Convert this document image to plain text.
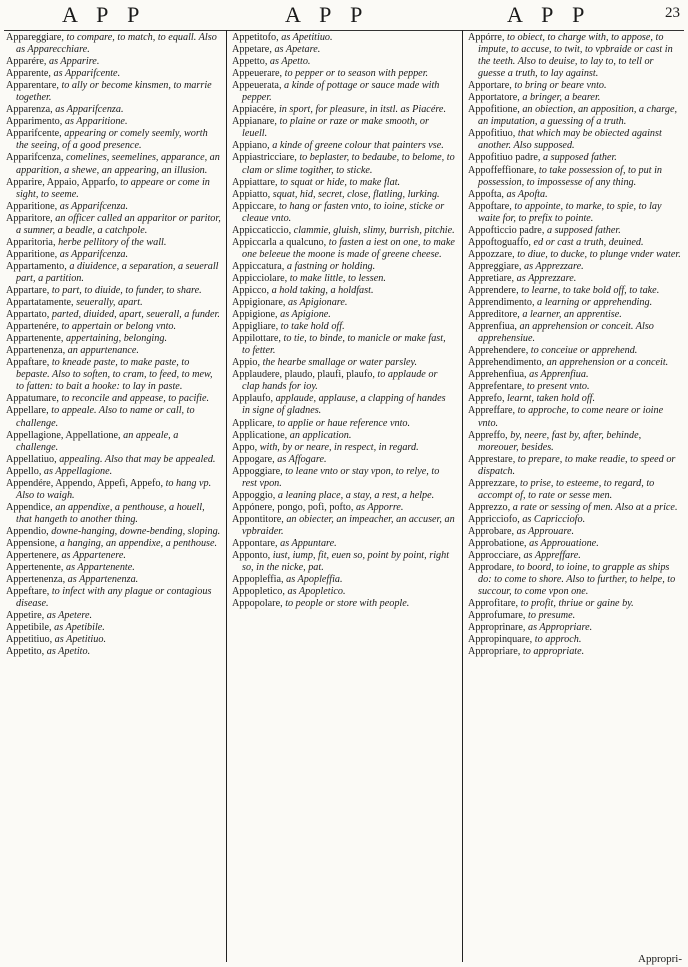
A P P	A P P	A P P	23

Appareggiare, to compare, to match, to equall. Also as Apparecchiare.

Apparére, as Apparire.

Apparente, as Apparifcente.

Apparentare, to ally or become kinsmen, to marrie together.

Apparenza, as Apparifcenza.

Apparimento, as Apparitione.

Apparifcente, appearing or comely seemly, worth the seeing, of a good presence.

Apparifcenza, comelines, seemelines, apparance, an apparition, a shewe, an appearing, an illusion.

Apparire, Appaio, Apparfo, to appeare or come in sight, to seeme.

Apparitione, as Apparifcenza.

Apparitore, an officer called an apparitor or paritor, a sumner, a beadle, a catchpole.

Apparitoria, herbe pellitory of the wall.

Apparitione, as Apparifcenza.

Appartamento, a diuidence, a separation, a seuerall part, a partition.

Appartare, to part, to diuide, to funder, to share.

Appartatamente, seuerally, apart.

Appartato, parted, diuided, apart, seuerall, a funder.

Appartenére, to appertain or belong vnto.

Appartenente, appertaining, belonging.

Appartenenza, an appurtenance.

Appaftare, to kneade paste, to make paste, to bepaste. Also to soften, to cram, to feed, to mew, to fatten: to bait a hooke: to lay in paste.

Appatumare, to reconcile and appease, to pacifie.

Appellare, to appeale. Also to name or call, to challenge.

Appellagione, Appellatione, an appeale, a challenge.

Appellatiuo, appealing. Also that may be appealed.

Appello, as Appellagione.

Appendére, Appendo, Appefi, Appefo, to hang vp. Also to waigh.

Appendice, an appendixe, a penthouse, a houell, that hangeth to another thing.

Appendio, downe-hanging, downe-bending, sloping.

Appensione, a hanging, an appendixe, a penthouse.

Appertenere, as Appartenere.

Appertenente, as Appartenente.

Appertenenza, as Appartenenza.

Appeftare, to infect with any plague or contagious disease.

Appetire, as Apetere.

Appetibile, as Apetibile.

Appetitiuo, as Apetitiuo.

Appetito, as Apetito.

Appetitofo, as Apetitiuo.

Appetare, as Apetare.

Appetto, as Apetto.

Appeuerare, to pepper or to season with pepper.

Appeuerata, a kinde of pottage or sauce made with pepper.

Appiacére, in sport, for pleasure, in itstl. as Piacére.

Appianare, to plaine or raze or make smooth, or leuell.

Appiano, a kinde of greene colour that painters vse.

Appiastricciare, to beplaster, to bedaube, to belome, to clam or slime togither, to sticke.

Appiattare, to squat or hide, to make flat.

Appiatto, squat, hid, secret, close, flatling, lurking.

Appiccare, to hang or fasten vnto, to ioine, sticke or cleaue vnto.

Appiccaticcio, clammie, gluish, slimy, burrish, pitchie.

Appiccarla a qualcuno, to fasten a iest on one, to make one beleeue the moone is made of greene cheese.

Appiccatura, a fastning or holding.

Appicciolare, to make little, to lessen.

Appicco, a hold taking, a holdfast.

Appigionare, as Apigionare.

Appigione, as Apigione.

Appigliare, to take hold off.

Appilottare, to tie, to binde, to manicle or make fast, to fetter.

Appio, the hearbe smallage or water parsley.

Applaudere, plaudo, plaufi, plaufo, to applaude or clap hands for ioy.

Applaufo, applaude, applause, a clapping of handes in signe of gladnes.

Applicare, to applie or haue reference vnto.

Applicatione, an application.

Appo, with, by or neare, in respect, in regard.

Appogare, as Affogare.

Appoggiare, to leane vnto or stay vpon, to relye, to rest vpon.

Appoggio, a leaning place, a stay, a rest, a helpe.

Appónere, pongo, pofi, pofto, as Apporre.

Appontitore, an obiecter, an impeacher, an accuser, an vpbraider.

Appontare, as Appuntare.

Apponto, iust, iump, fit, euen so, point by point, right so, in the nicke, pat.

Appopleffia, as Apopleffia.

Appopletico, as Apopletico.

Appopolare, to people or store with people.

Appórre, to obiect, to charge with, to appose, to impute, to accuse, to twit, to vpbraide or cast in the teeth. Also to deuise, to lay to, to tell or guesse a truth, to lay against.

Apportare, to bring or beare vnto.

Apportatore, a bringer, a bearer.

Appofitione, an obiection, an apposition, a charge, an imputation, a guessing of a truth.

Appofitiuo, that which may be obiected against another. Also supposed.

Appofitiuo padre, a supposed father.

Appoffeffionare, to take possession of, to put in possession, to impossesse of any thing.

Appofta, as Apofta.

Appoftare, to appointe, to marke, to spie, to lay waite for, to prefix to pointe.

Appofticcio padre, a supposed father.

Appoftoguaffo, ed or cast a truth, deuined.

Appozzare, to diue, to ducke, to plunge vnder water.

Appreggiare, as Apprezzare.

Appretiare, as Apprezzare.

Apprendere, to learne, to take bold off, to take.

Apprendimento, a learning or apprehending.

Appreditore, a learner, an apprentise.

Apprenfiua, an apprehension or conceit. Also apprehensiue.

Apprehendere, to conceiue or apprehend.

Apprehendimento, an apprehension or a conceit.

Apprehenfiua, as Apprenfiua.

Apprefentare, to present vnto.

Apprefo, learnt, taken hold off.

Appreffare, to approche, to come neare or ioine vnto.

Appreffo, by, neere, fast by, after, behinde, moreouer, besides.

Apprestare, to prepare, to make readie, to speed or dispatch.

Apprezzare, to prise, to esteeme, to regard, to accompt of, to rate or sesse men.

Apprezzo, a rate or sessing of men. Also at a price.

Appricciofo, as Capricciofo.

Approbare, as Approuare.

Approbatione, as Approuatione.

Approcciare, as Appreffare.

Approdare, to boord, to ioine, to grapple as ships do: to come to shore. Also to further, to helpe, to succour, to come vpon one.

Approfitare, to profit, thriue or gaine by.

Approfumare, to presume.

Approprinare, as Appropriare.

Appropinquare, to approch.

Appropriare, to appropriate.

Appropri-
